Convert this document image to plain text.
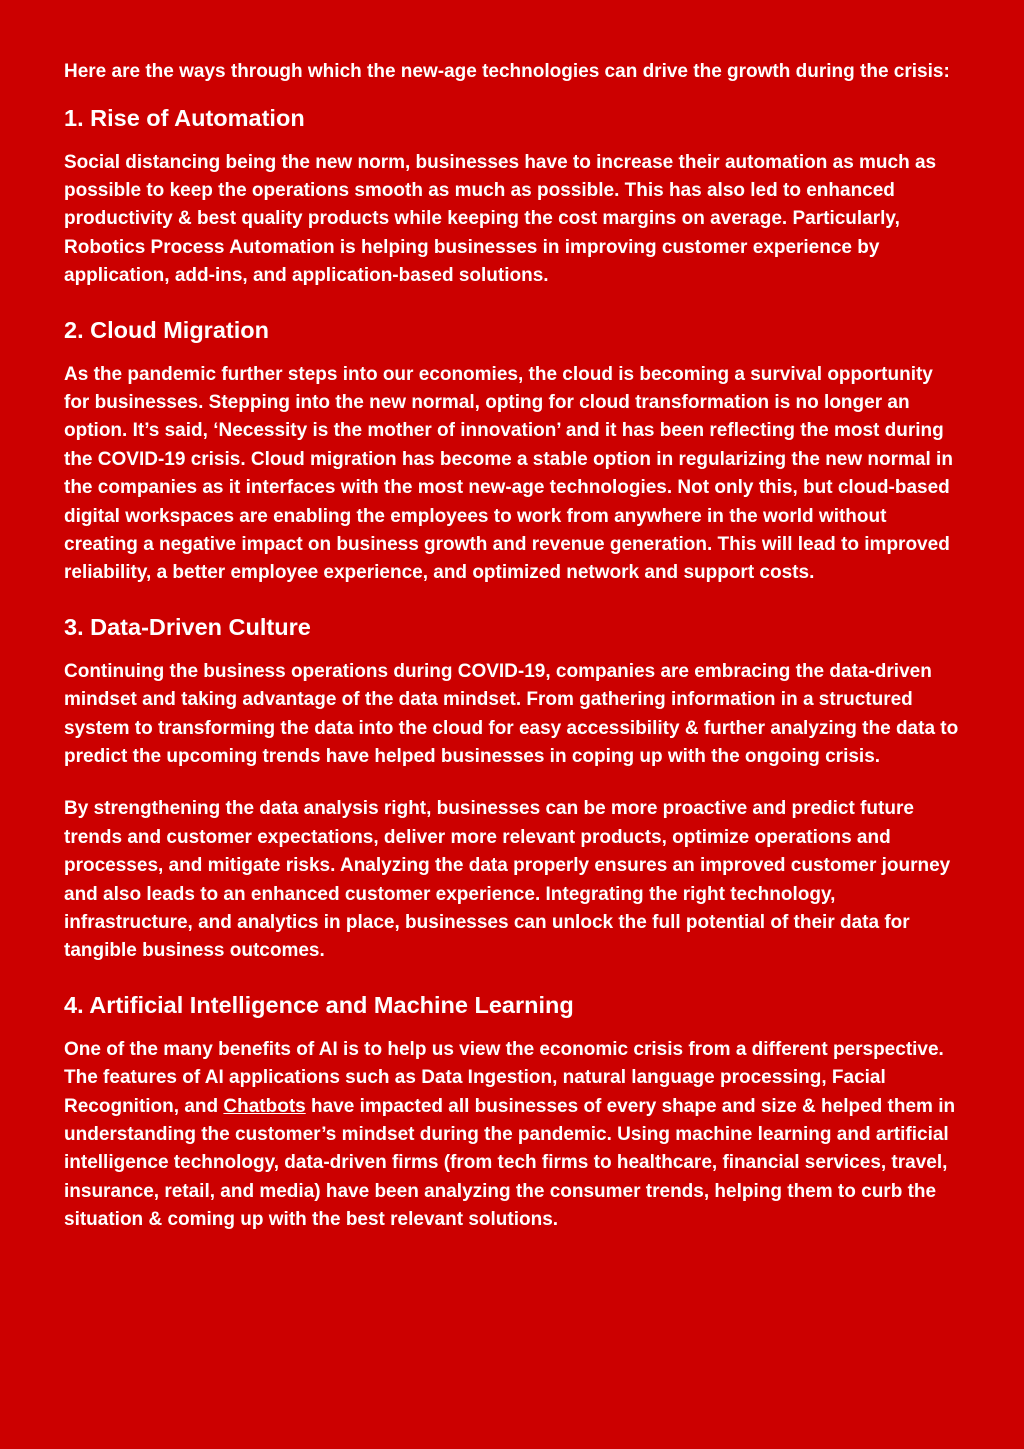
Here are the ways through which the new-age technologies can drive the growth during the crisis:

1. Rise of Automation

Social distancing being the new norm, businesses have to increase their automation as much as possible to keep the operations smooth as much as possible. This has also led to enhanced productivity & best quality products while keeping the cost margins on average. Particularly, Robotics Process Automation is helping businesses in improving customer experience by application, add-ins, and application-based solutions.

2. Cloud Migration

As the pandemic further steps into our economies, the cloud is becoming a survival opportunity for businesses. Stepping into the new normal, opting for cloud transformation is no longer an option. It’s said, ‘Necessity is the mother of innovation’ and it has been reflecting the most during the COVID-19 crisis. Cloud migration has become a stable option in regularizing the new normal in the companies as it interfaces with the most new-age technologies. Not only this, but cloud-based digital workspaces are enabling the employees to work from anywhere in the world without creating a negative impact on business growth and revenue generation. This will lead to improved reliability, a better employee experience, and optimized network and support costs.

3. Data-Driven Culture

Continuing the business operations during COVID-19, companies are embracing the data-driven mindset and taking advantage of the data mindset. From gathering information in a structured system to transforming the data into the cloud for easy accessibility & further analyzing the data to predict the upcoming trends have helped businesses in coping up with the ongoing crisis.

By strengthening the data analysis right, businesses can be more proactive and predict future trends and customer expectations, deliver more relevant products, optimize operations and processes, and mitigate risks. Analyzing the data properly ensures an improved customer journey and also leads to an enhanced customer experience. Integrating the right technology, infrastructure, and analytics in place, businesses can unlock the full potential of their data for tangible business outcomes.

4. Artificial Intelligence and Machine Learning

One of the many benefits of AI is to help us view the economic crisis from a different perspective. The features of AI applications such as Data Ingestion, natural language processing, Facial Recognition, and Chatbots have impacted all businesses of every shape and size & helped them in understanding the customer’s mindset during the pandemic. Using machine learning and artificial intelligence technology, data-driven firms (from tech firms to healthcare, financial services, travel, insurance, retail, and media) have been analyzing the consumer trends, helping them to curb the situation & coming up with the best relevant solutions.
